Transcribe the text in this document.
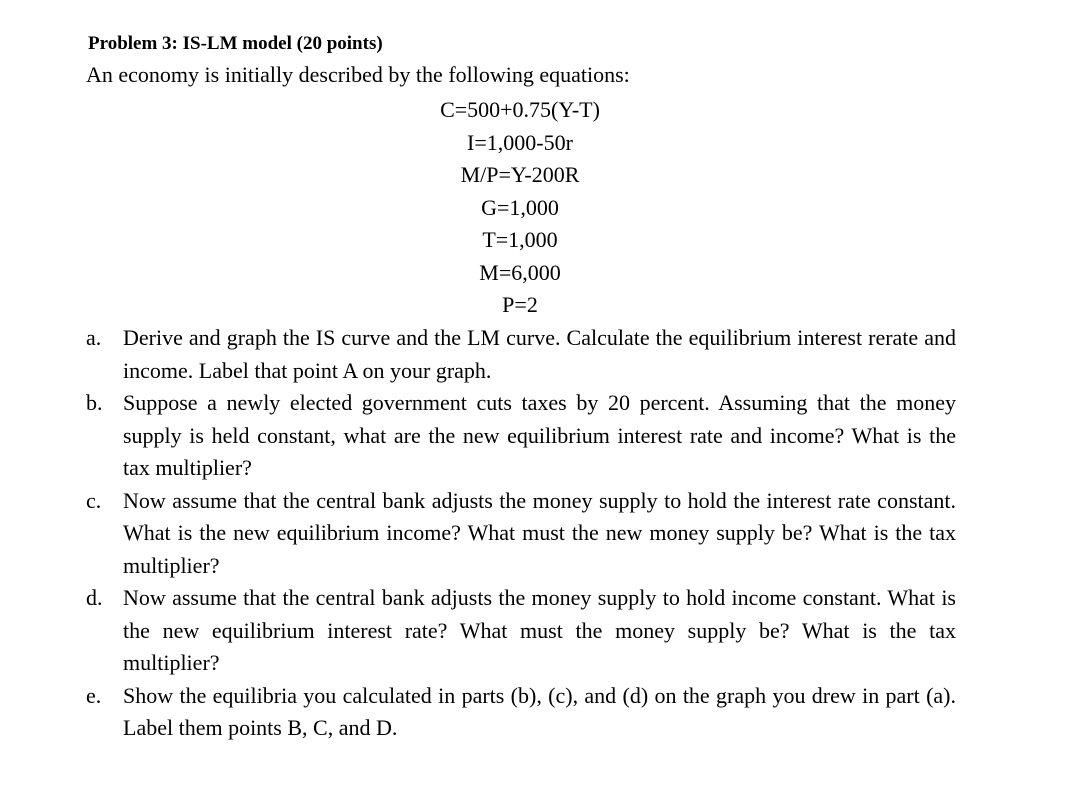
Problem 3: IS-LM model (20 points)
An economy is initially described by the following equations:
C=500+0.75(Y-T)
I=1,000-50r
M/P=Y-200R
G=1,000
T=1,000
M=6,000
P=2
a. Derive and graph the IS curve and the LM curve. Calculate the equilibrium interest rerate and income. Label that point A on your graph.
b. Suppose a newly elected government cuts taxes by 20 percent. Assuming that the money supply is held constant, what are the new equilibrium interest rate and income? What is the tax multiplier?
c. Now assume that the central bank adjusts the money supply to hold the interest rate constant. What is the new equilibrium income? What must the new money supply be? What is the tax multiplier?
d. Now assume that the central bank adjusts the money supply to hold income constant. What is the new equilibrium interest rate? What must the money supply be? What is the tax multiplier?
e. Show the equilibria you calculated in parts (b), (c), and (d) on the graph you drew in part (a). Label them points B, C, and D.
